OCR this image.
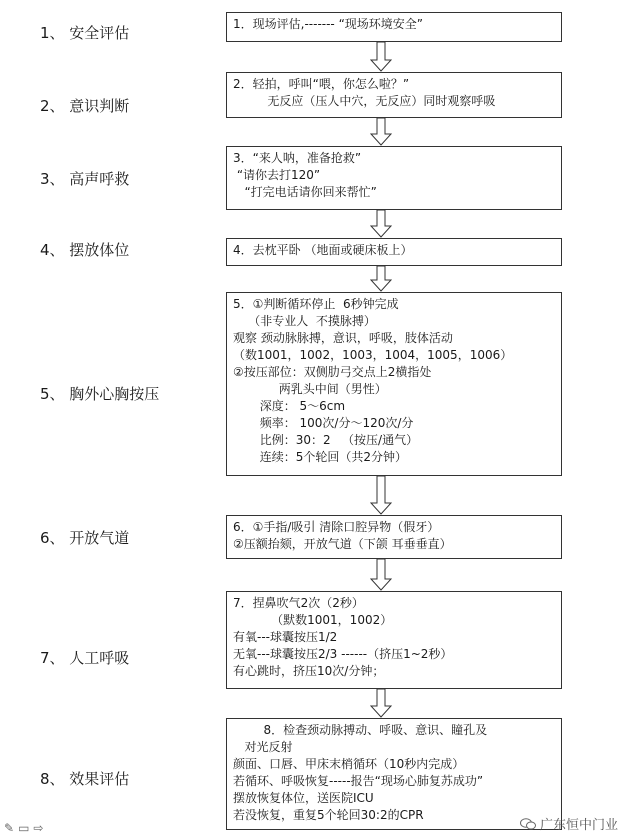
1、 安全评估
2、 意识判断
3、 高声呼救
4、 摆放体位
5、 胸外心胸按压
6、 开放气道
7、 人工呼吸
8、 效果评估
1．现场评估,------- “现场环境安全”
2．轻拍，呼叫“喂，你怎么啦？”
无反应（压人中穴，无反应）同时观察呼吸
3．“来人呐，准备抢救”
“请你去打120”
“打完电话请你回来帮忙”
4．去枕平卧 （地面或硬床板上）
5．①判断循环停止  6秒钟完成
（非专业人  不摸脉搏）
观察 颈动脉脉搏，意识，呼吸，肢体活动
（数1001，1002，1003，1004，1005，1006）
②按压部位：双侧肋弓交点上2横指处
两乳头中间（男性）
深度： 5～6cm
频率： 100次/分～120次/分
比例：30：2   （按压/通气）
连续：5个轮回（共2分钟）
6．①手指/吸引 清除口腔异物（假牙）
②压额抬颏，开放气道（下颌 耳垂垂直）
7．捏鼻吹气2次（2秒）
（默数1001，1002）
有氧---球囊按压1/2
无氧---球囊按压2/3 ------（挤压1~2秒）
有心跳时，挤压10次/分钟；
8．检查颈动脉搏动、呼吸、意识、瞳孔及
对光反射
颜面、口唇、甲床末梢循环（10秒内完成）
若循环、呼吸恢复-----报告“现场心肺复苏成功”
摆放恢复体位，送医院ICU
若没恢复，重复5个轮回30:2的CPR
✎▭⇨	广东恒中门业
